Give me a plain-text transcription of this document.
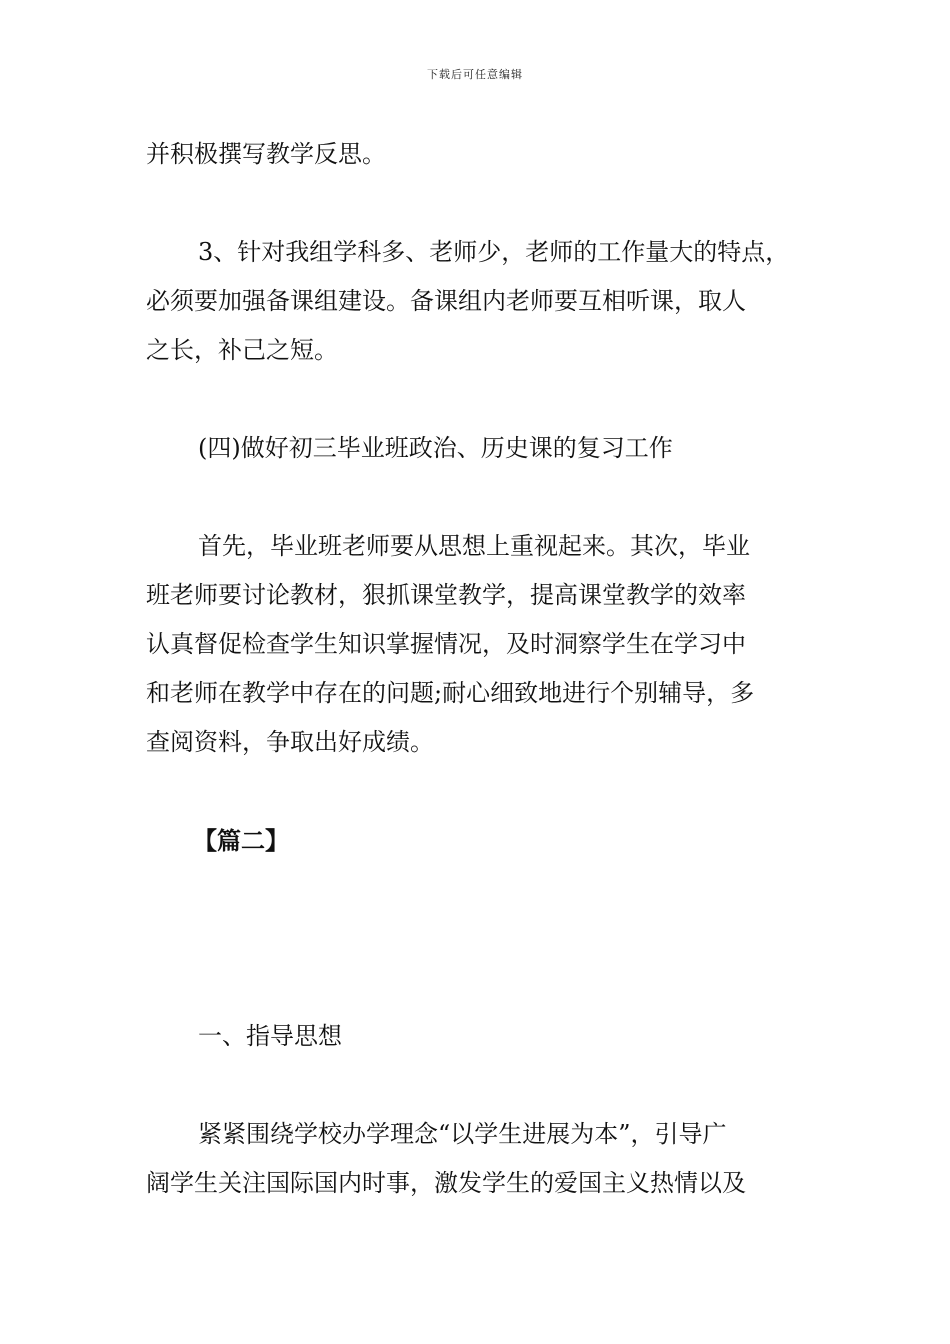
下载后可任意编辑
并积极撰写教学反思。
3、针对我组学科多、老师少，老师的工作量大的特点，
必须要加强备课组建设。备课组内老师要互相听课，取人
之长，补己之短。
(四)做好初三毕业班政治、历史课的复习工作
首先，毕业班老师要从思想上重视起来。其次，毕业
班老师要讨论教材，狠抓课堂教学，提高课堂教学的效率
认真督促检查学生知识掌握情况，及时洞察学生在学习中
和老师在教学中存在的问题;耐心细致地进行个别辅导，多
查阅资料，争取出好成绩。
【篇二】
一、指导思想
紧紧围绕学校办学理念“以学生进展为本”，引导广
阔学生关注国际国内时事，激发学生的爱国主义热情以及
